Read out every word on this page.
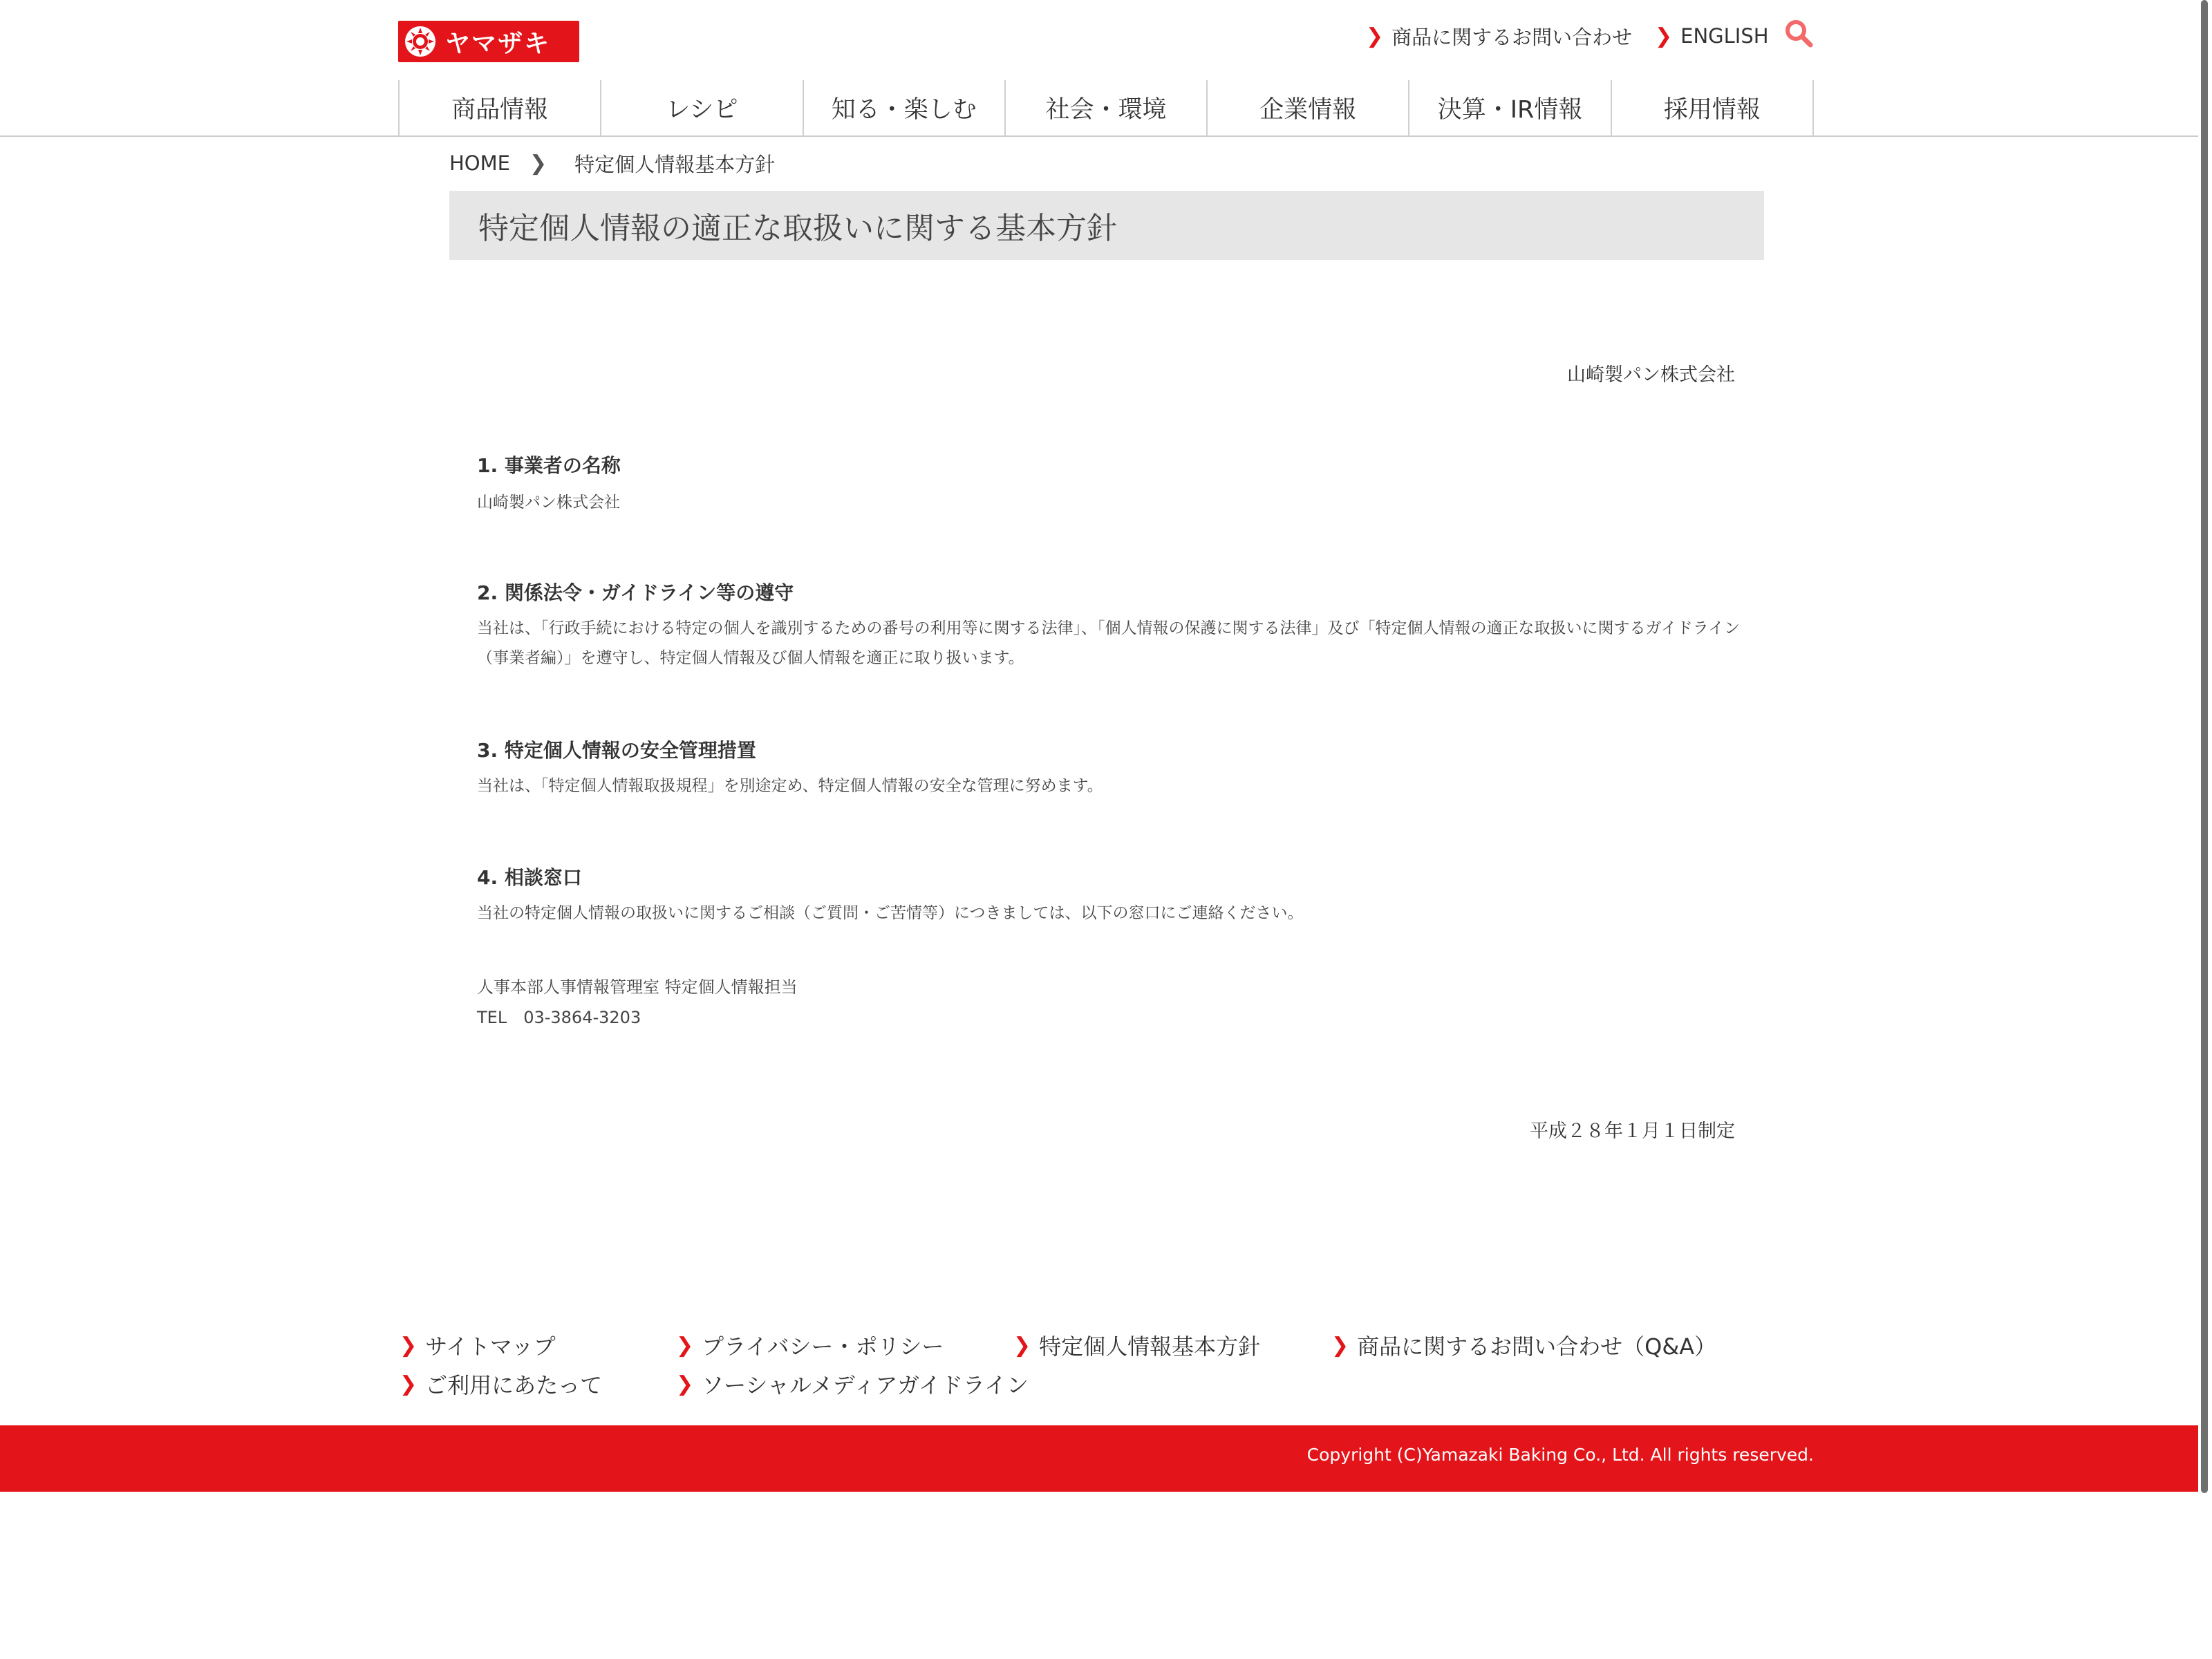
ヤマザキ	❯ 商品に関するお問い合わせ ❯ ENGLISH
商品情報	レシピ	知る・楽しむ	社会・環境	企業情報	決算・IR情報	採用情報
HOME ❯ 特定個人情報基本方針
特定個人情報の適正な取扱いに関する基本方針
山崎製パン株式会社
1. 事業者の名称
山崎製パン株式会社
2. 関係法令・ガイドライン等の遵守
当社は、「行政手続における特定の個人を識別するための番号の利用等に関する法律」、「個人情報の保護に関する法律」及び「特定個人情報の適正な取扱いに関するガイドライン（事業者編）」を遵守し、特定個人情報及び個人情報を適正に取り扱います。
3. 特定個人情報の安全管理措置
当社は、「特定個人情報取扱規程」を別途定め、特定個人情報の安全な管理に努めます。
4. 相談窓口
当社の特定個人情報の取扱いに関するご相談（ご質問・ご苦情等）につきましては、以下の窓口にご連絡ください。
人事本部人事情報管理室 特定個人情報担当
TEL　03-3864-3203
平成２８年１月１日制定
❯ サイトマップ	❯ プライバシー・ポリシー	❯ 特定個人情報基本方針	❯ 商品に関するお問い合わせ（Q&A）
❯ ご利用にあたって	❯ ソーシャルメディアガイドライン
Copyright (C)Yamazaki Baking Co., Ltd. All rights reserved.
